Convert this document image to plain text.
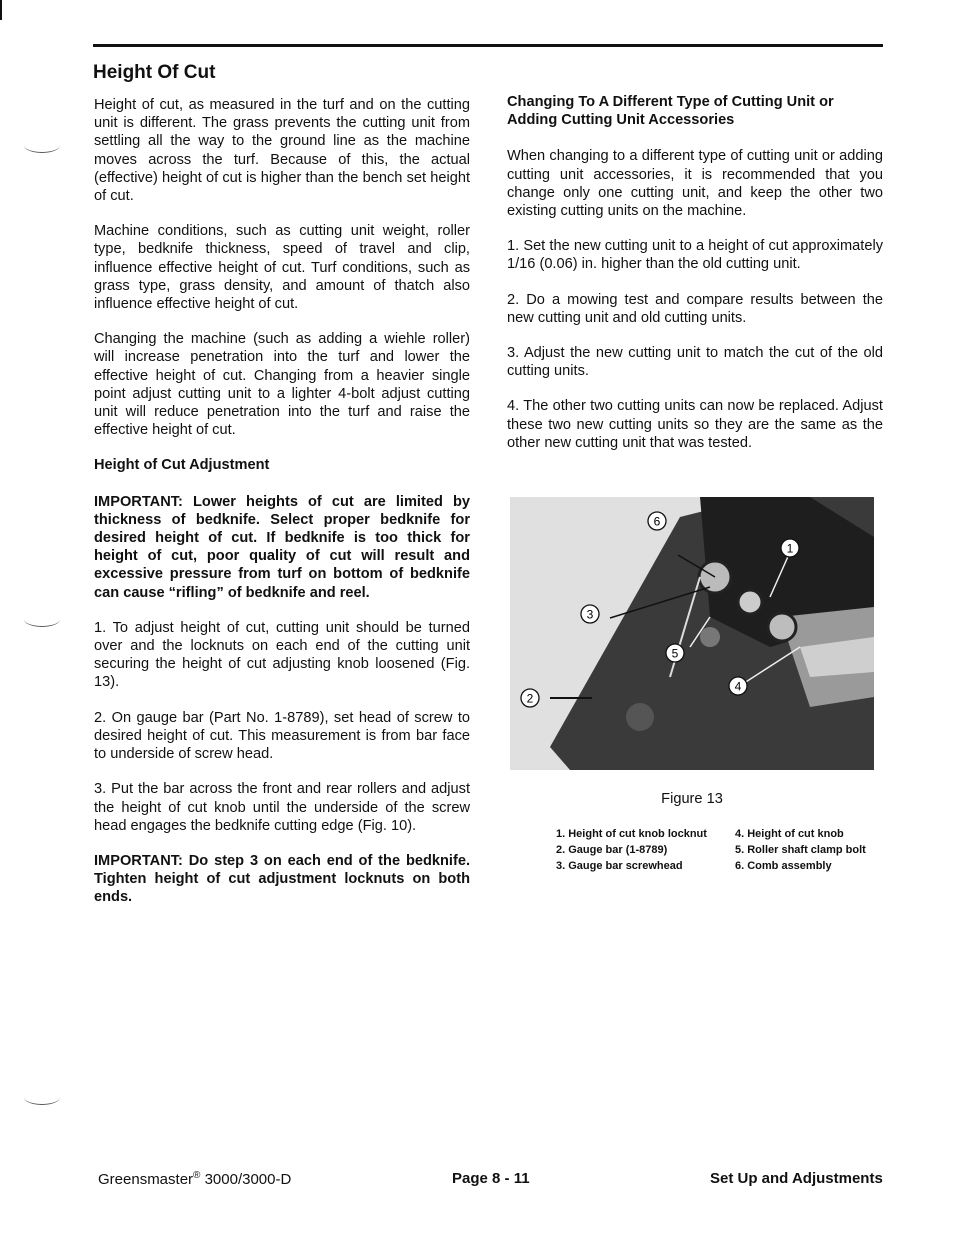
Height Of Cut

Height of cut, as measured in the turf and on the cutting unit is different. The grass prevents the cutting unit from settling all the way to the ground line as the machine moves across the turf. Because of this, the actual (effective) height of cut is higher than the bench set height of cut.

Machine conditions, such as cutting unit weight, roller type, bedknife thickness, speed of travel and clip, influence effective height of cut. Turf conditions, such as grass type, grass density, and amount of thatch also influence effective height of cut.

Changing the machine (such as adding a wiehle roller) will increase penetration into the turf and lower the effective height of cut. Changing from a heavier single point adjust cutting unit to a lighter 4-bolt adjust cutting unit will reduce penetration into the turf and raise the effective height of cut.

Height of Cut Adjustment

IMPORTANT: Lower heights of cut are limited by thickness of bedknife. Select proper bedknife for desired height of cut. If bedknife is too thick for height of cut, poor quality of cut will result and excessive pressure from turf on bottom of bedknife can cause “rifling” of bedknife and reel.

1. To adjust height of cut, cutting unit should be turned over and the locknuts on each end of the cutting unit securing the height of cut adjusting knob loosened (Fig. 13).

2. On gauge bar (Part No. 1-8789), set head of screw to desired height of cut. This measurement is from bar face to underside of screw head.

3. Put the bar across the front and rear rollers and adjust the height of cut knob until the underside of the screw head engages the bedknife cutting edge (Fig. 10).

IMPORTANT: Do step 3 on each end of the bedknife. Tighten height of cut adjustment locknuts on both ends.

Changing To A Different Type of Cutting Unit or Adding Cutting Unit Accessories

When changing to a different type of cutting unit or adding cutting unit accessories, it is recommended that you change only one cutting unit, and keep the other two existing cutting units on the machine.

1. Set the new cutting unit to a height of cut approximately 1/16 (0.06) in. higher than the old cutting unit.

2. Do a mowing test and compare results between the new cutting unit and old cutting units.

3. Adjust the new cutting unit to match the cut of the old cutting units.

4. The other two cutting units can now be replaced. Adjust these two new cutting units so they are the same as the other new cutting unit that was tested.

6
1
3
5
4
2
Figure 13
1. Height of cut knob locknut
2. Gauge bar (1-8789)
3. Gauge bar screwhead
4. Height of cut knob
5. Roller shaft clamp bolt
6. Comb assembly
Greensmaster® 3000/3000-D	Page 8 - 11	Set Up and Adjustments
